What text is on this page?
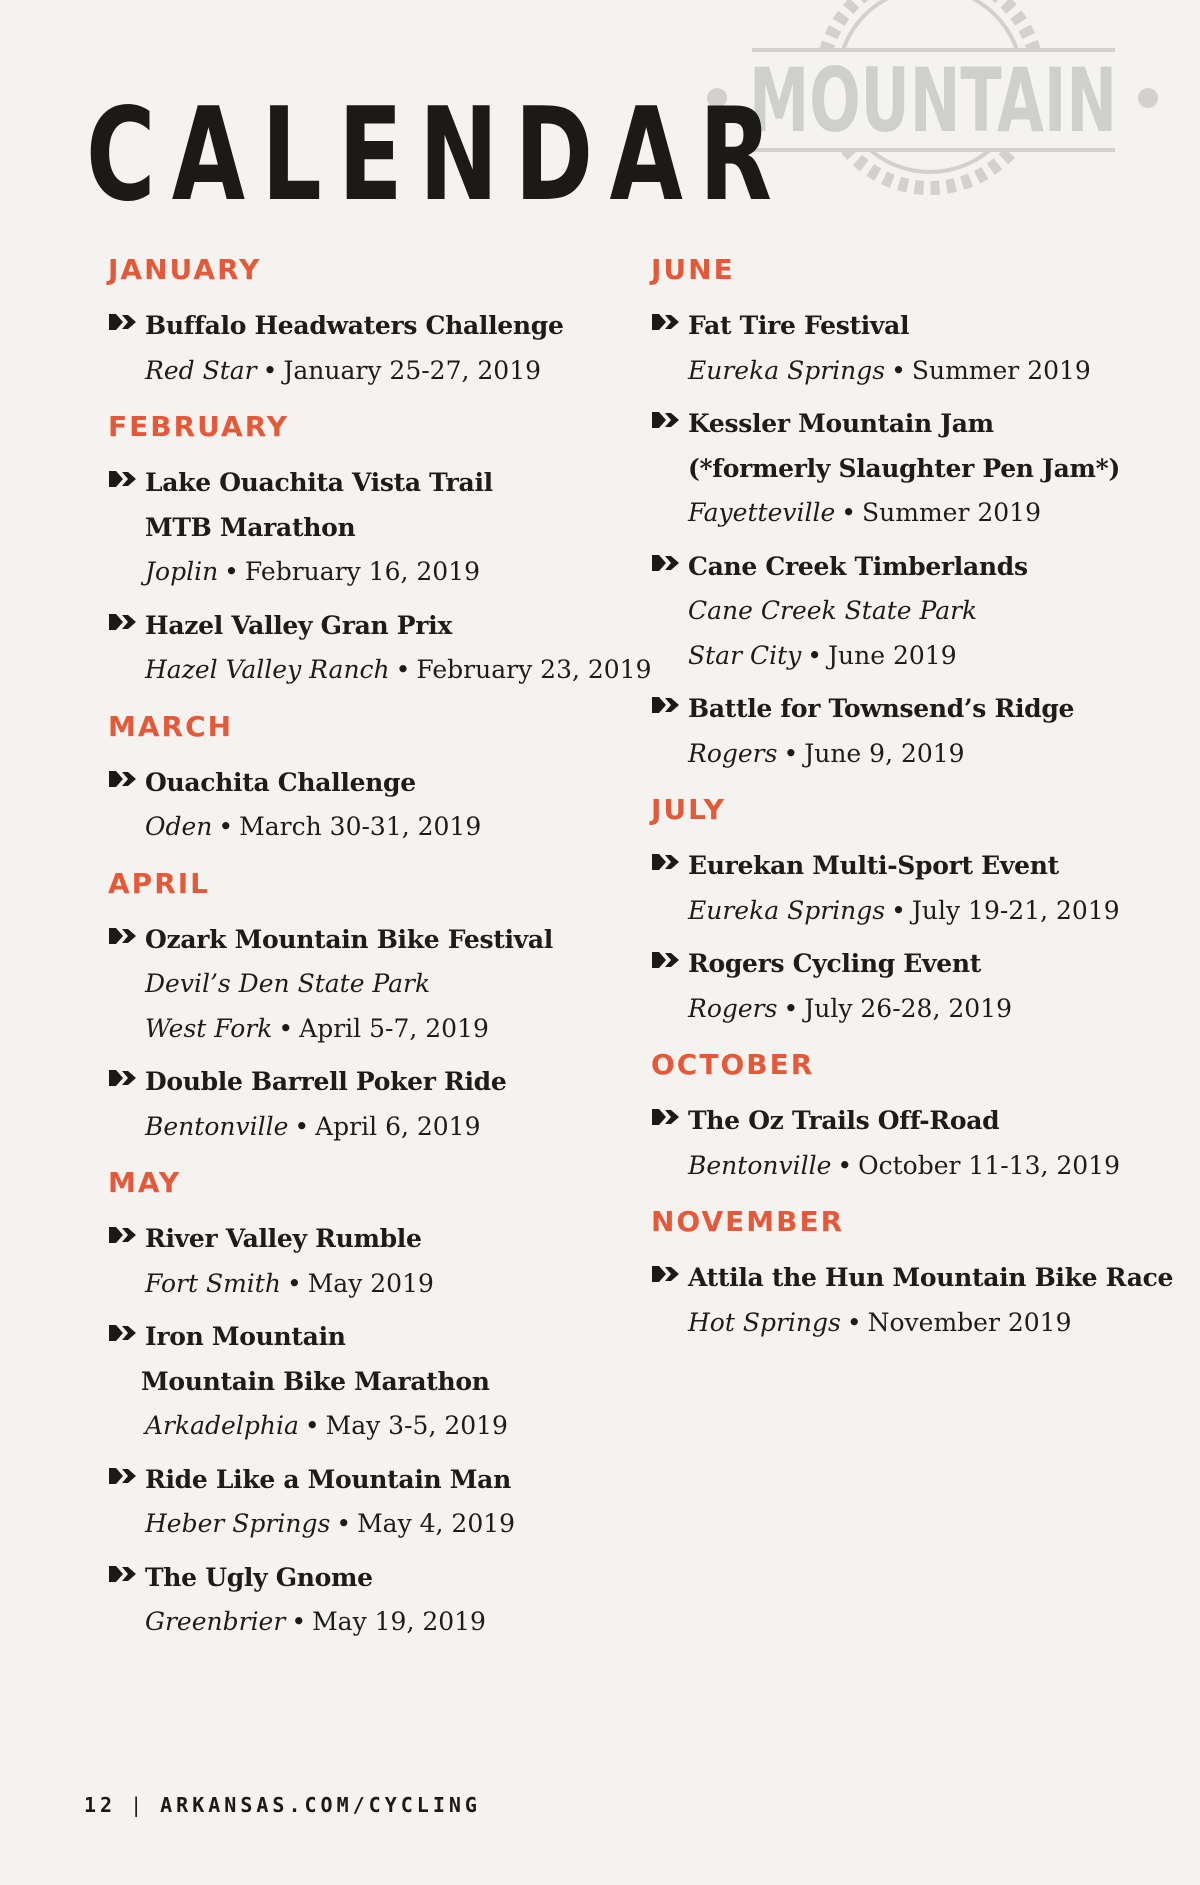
MOUNTAIN
CALENDAR
JANUARY
Buffalo Headwaters Challenge
Red Star • January 25-27, 2019
FEBRUARY
Lake Ouachita Vista Trail
MTB Marathon
Joplin • February 16, 2019
Hazel Valley Gran Prix
Hazel Valley Ranch • February 23, 2019
MARCH
Ouachita Challenge
Oden • March 30-31, 2019
APRIL
Ozark Mountain Bike Festival
Devil’s Den State Park
West Fork • April 5-7, 2019
Double Barrell Poker Ride
Bentonville • April 6, 2019
MAY
River Valley Rumble
Fort Smith • May 2019
Iron Mountain
Mountain Bike Marathon
Arkadelphia • May 3-5, 2019
Ride Like a Mountain Man
Heber Springs • May 4, 2019
The Ugly Gnome
Greenbrier • May 19, 2019
JUNE
Fat Tire Festival
Eureka Springs • Summer 2019
Kessler Mountain Jam
(*formerly Slaughter Pen Jam*)
Fayetteville • Summer 2019
Cane Creek Timberlands
Cane Creek State Park
Star City • June 2019
Battle for Townsend’s Ridge
Rogers • June 9, 2019
JULY
Eurekan Multi-Sport Event
Eureka Springs • July 19-21, 2019
Rogers Cycling Event
Rogers • July 26-28, 2019
OCTOBER
The Oz Trails Off-Road
Bentonville • October 11-13, 2019
NOVEMBER
Attila the Hun Mountain Bike Race
Hot Springs • November 2019
12 | ARKANSAS.COM/CYCLING
